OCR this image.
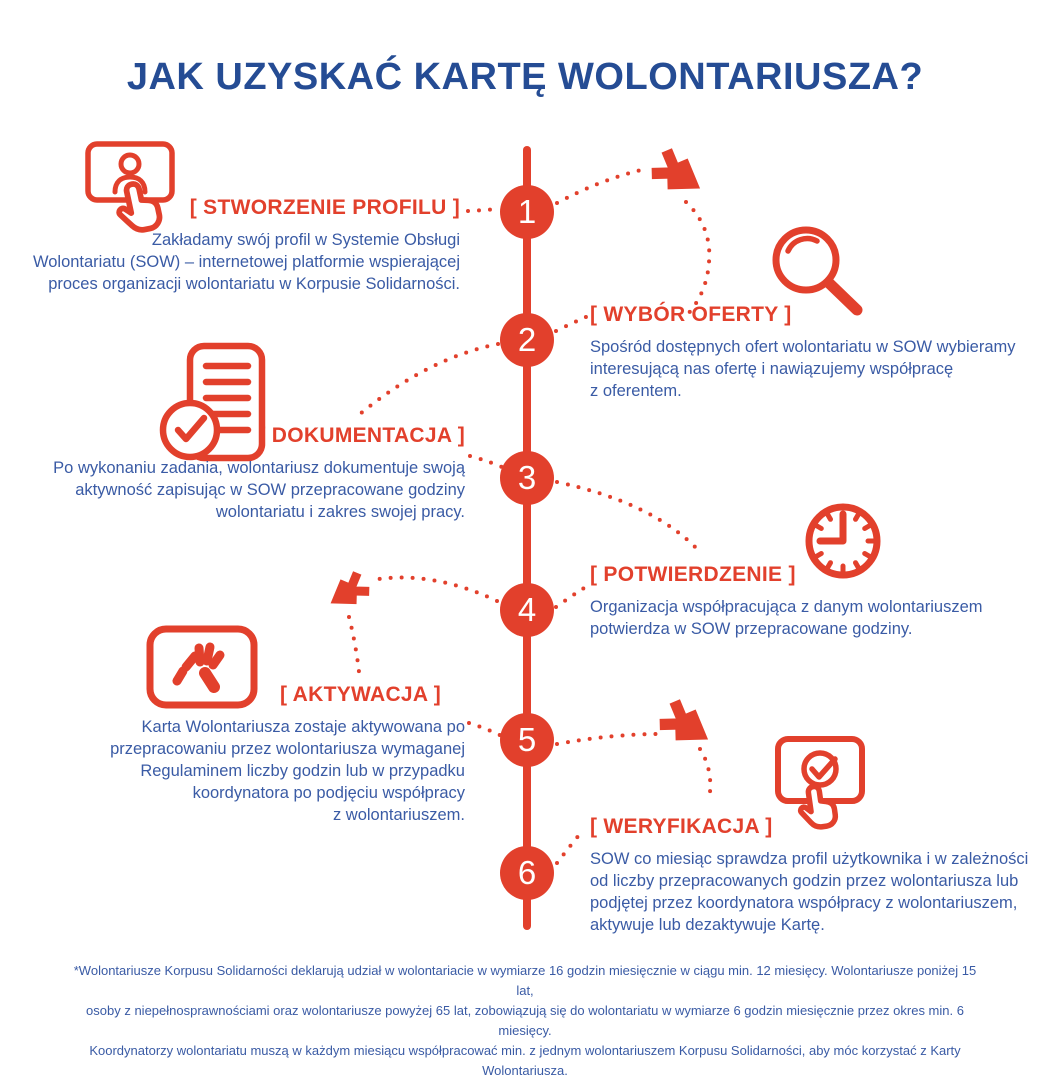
JAK UZYSKAĆ KARTĘ WOLONTARIUSZA?
1
2
3
4
5
6
[ STWORZENIE PROFILU ]
Zakładamy swój profil w Systemie Obsługi
Wolontariatu (SOW) – internetowej platformie wspierającej
proces organizacji wolontariatu w Korpusie Solidarności.
[ WYBÓR OFERTY ]
Spośród dostępnych ofert wolontariatu w SOW wybieramy
interesującą nas ofertę i nawiązujemy współpracę
z oferentem.
[ DOKUMENTACJA ]
Po wykonaniu zadania, wolontariusz dokumentuje swoją
aktywność zapisując w SOW przepracowane godziny
wolontariatu i zakres swojej pracy.
[ POTWIERDZENIE ]
Organizacja współpracująca z danym wolontariuszem
potwierdza w SOW przepracowane godziny.
[ AKTYWACJA ]
Karta Wolontariusza zostaje aktywowana po
przepracowaniu przez wolontariusza wymaganej
Regulaminem liczby godzin lub w przypadku
koordynatora po podjęciu współpracy
z wolontariuszem.	[ WERYFIKACJA ]
SOW co miesiąc sprawdza profil użytkownika i w zależności
od liczby przepracowanych godzin przez wolontariusza lub
podjętej przez koordynatora współpracy z wolontariuszem,
aktywuje lub dezaktywuje Kartę.
*Wolontariusze Korpusu Solidarności deklarują udział w wolontariacie w wymiarze 16 godzin miesięcznie w ciągu min. 12 miesięcy. Wolontariusze poniżej 15 lat,
osoby z niepełnosprawnościami oraz wolontariusze powyżej 65 lat, zobowiązują się do wolontariatu w wymiarze 6 godzin miesięcznie przez okres min. 6 miesięcy.
Koordynatorzy wolontariatu muszą w każdym miesiącu współpracować min. z jednym wolontariuszem Korpusu Solidarności, aby móc korzystać z Karty Wolontariusza.
